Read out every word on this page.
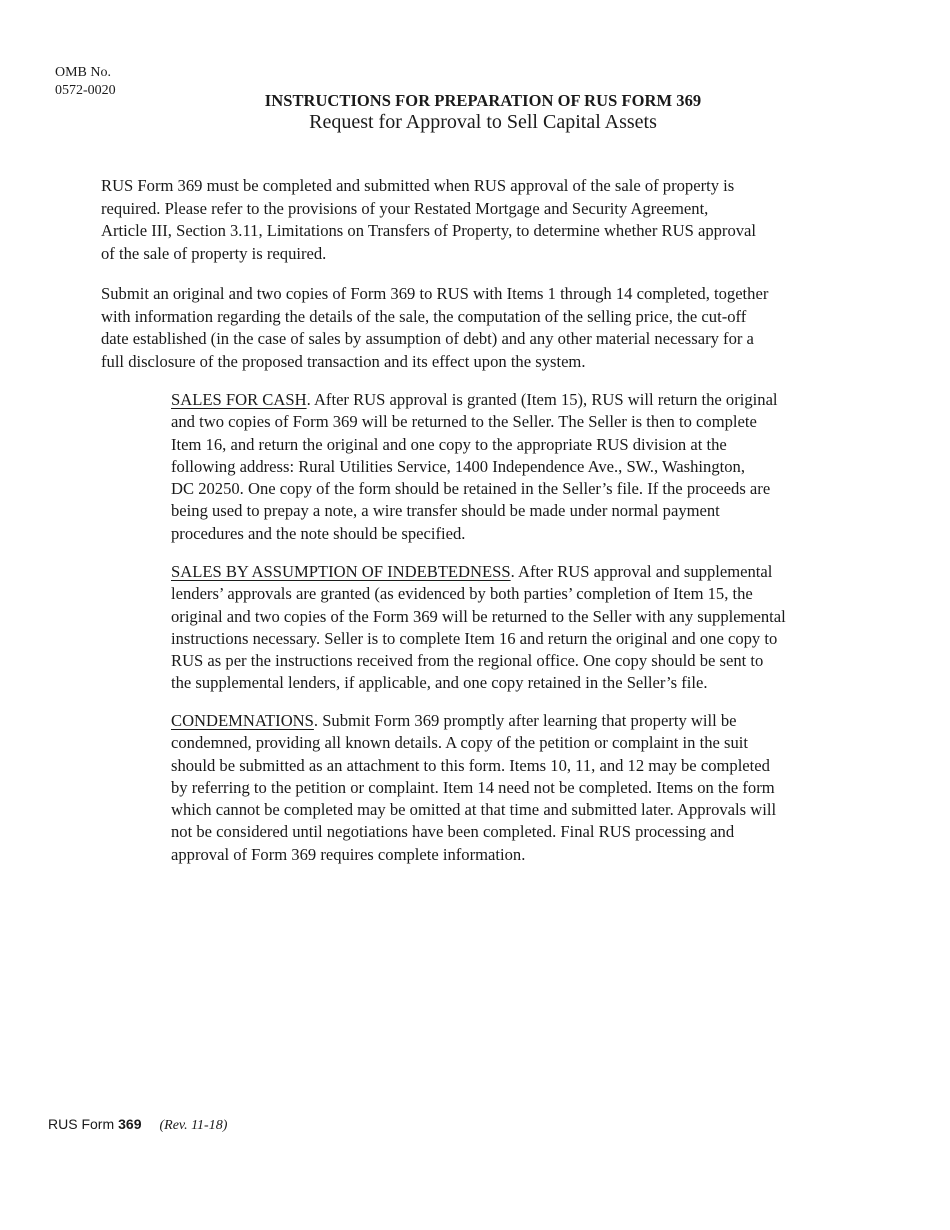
OMB No.
0572-0020
INSTRUCTIONS FOR PREPARATION OF RUS FORM 369
Request for Approval to Sell Capital Assets
RUS Form 369 must be completed and submitted when RUS approval of the sale of property is
required. Please refer to the provisions of your Restated Mortgage and Security Agreement,
Article III, Section 3.11, Limitations on Transfers of Property, to determine whether RUS approval
of the sale of property is required.
Submit an original and two copies of Form 369 to RUS with Items 1 through 14 completed, together
with information regarding the details of the sale, the computation of the selling price, the cut-off
date established (in the case of sales by assumption of debt) and any other material necessary for a
full disclosure of the proposed transaction and its effect upon the system.
SALES FOR CASH. After RUS approval is granted (Item 15), RUS will return the original
and two copies of Form 369 will be returned to the Seller. The Seller is then to complete
Item 16, and return the original and one copy to the appropriate RUS division at the
following address: Rural Utilities Service, 1400 Independence Ave., SW., Washington,
DC 20250. One copy of the form should be retained in the Seller’s file. If the proceeds are
being used to prepay a note, a wire transfer should be made under normal payment
procedures and the note should be specified.
SALES BY ASSUMPTION OF INDEBTEDNESS. After RUS approval and supplemental
lenders’ approvals are granted (as evidenced by both parties’ completion of Item 15, the
original and two copies of the Form 369 will be returned to the Seller with any supplemental
instructions necessary. Seller is to complete Item 16 and return the original and one copy to
RUS as per the instructions received from the regional office. One copy should be sent to
the supplemental lenders, if applicable, and one copy retained in the Seller’s file.
CONDEMNATIONS. Submit Form 369 promptly after learning that property will be
condemned, providing all known details. A copy of the petition or complaint in the suit
should be submitted as an attachment to this form. Items 10, 11, and 12 may be completed
by referring to the petition or complaint. Item 14 need not be completed. Items on the form
which cannot be completed may be omitted at that time and submitted later. Approvals will
not be considered until negotiations have been completed. Final RUS processing and
approval of Form 369 requires complete information.
RUS Form 369 (Rev. 11-18)
